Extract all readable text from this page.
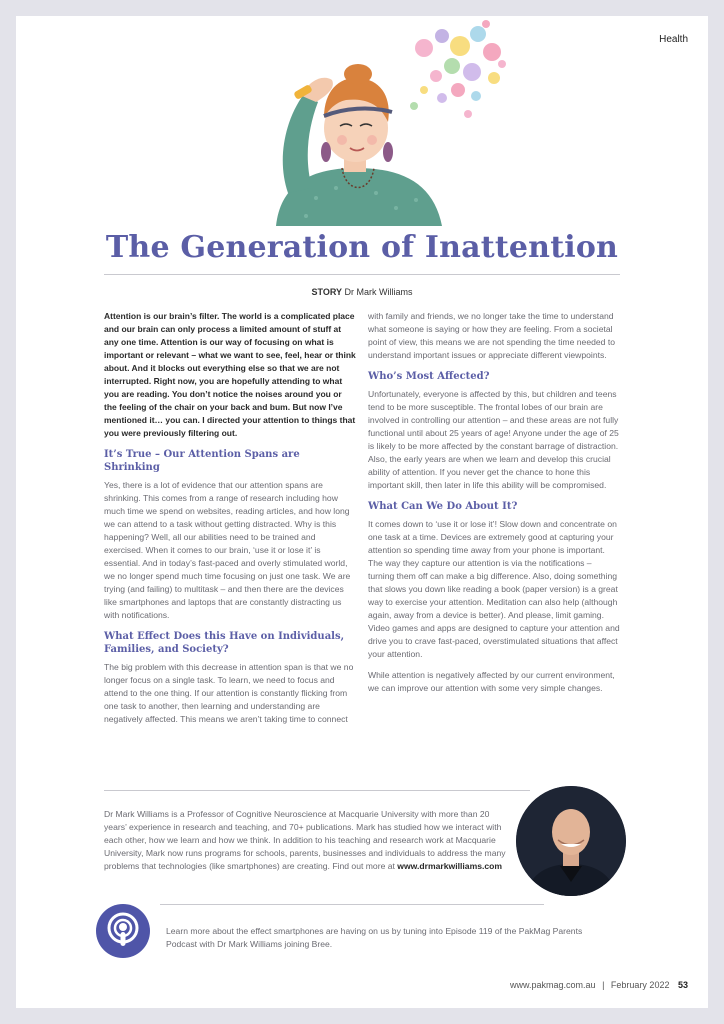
Health
The Generation of Inattention
STORY Dr Mark Williams

Attention is our brain’s filter. The world is a complicated place and our brain can only process a limited amount of stuff at any one time. Attention is our way of focusing on what is important or relevant – what we want to see, feel, hear or think about. And it blocks out everything else so that we are not interrupted. Right now, you are hopefully attending to what you are reading. You don’t notice the noises around you or the feeling of the chair on your back and bum. But now I’ve mentioned it… you can. I directed your attention to things that you were previously filtering out.

It’s True – Our Attention Spans are Shrinking

Yes, there is a lot of evidence that our attention spans are shrinking. This comes from a range of research including how much time we spend on websites, reading articles, and how long we can attend to a task without getting distracted. Why is this happening? Well, all our abilities need to be trained and exercised. When it comes to our brain, ‘use it or lose it’ is essential. And in today’s fast-paced and overly stimulated world, we no longer spend much time focusing on just one task. We are trying (and failing) to multitask – and then there are the devices like smartphones and laptops that are constantly distracting us with notifications.

What Effect Does this Have on Individuals, Families, and Society?

The big problem with this decrease in attention span is that we no longer focus on a single task. To learn, we need to focus and attend to the one thing. If our attention is constantly flicking from one task to another, then learning and understanding are negatively affected. This means we aren’t taking time to connect

with family and friends, we no longer take the time to understand what someone is saying or how they are feeling. From a societal point of view, this means we are not spending the time needed to understand important issues or appreciate different viewpoints.

Who’s Most Affected?

Unfortunately, everyone is affected by this, but children and teens tend to be more susceptible. The frontal lobes of our brain are involved in controlling our attention – and these areas are not fully functional until about 25 years of age! Anyone under the age of 25 is likely to be more affected by the constant barrage of distraction. Also, the early years are when we learn and develop this crucial ability of attention. If you never get the chance to hone this important skill, then later in life this ability will be compromised.

What Can We Do About It?

It comes down to ‘use it or lose it’! Slow down and concentrate on one task at a time. Devices are extremely good at capturing your attention so spending time away from your phone is important. The way they capture our attention is via the notifications – turning them off can make a big difference. Also, doing something that slows you down like reading a book (paper version) is a great way to exercise your attention. Meditation can also help (although again, away from a device is better). And please, limit gaming. Video games and apps are designed to capture your attention and drive you to crave fast-paced, overstimulated situations that affect your attention.

While attention is negatively affected by our current environment, we can improve our attention with some very simple changes.

Dr Mark Williams is a Professor of Cognitive Neuroscience at Macquarie University with more than 20 years’ experience in research and teaching, and 70+ publications. Mark has studied how we interact with each other, how we learn and how we think. In addition to his teaching and research work at Macquarie University, Mark now runs programs for schools, parents, businesses and individuals to address the many problems that technologies (like smartphones) are creating. Find out more at www.drmarkwilliams.com
Learn more about the effect smartphones are having on us by tuning into Episode 119 of the PakMag Parents Podcast with Dr Mark Williams joining Bree.
www.pakmag.com.au | February 2022 53
